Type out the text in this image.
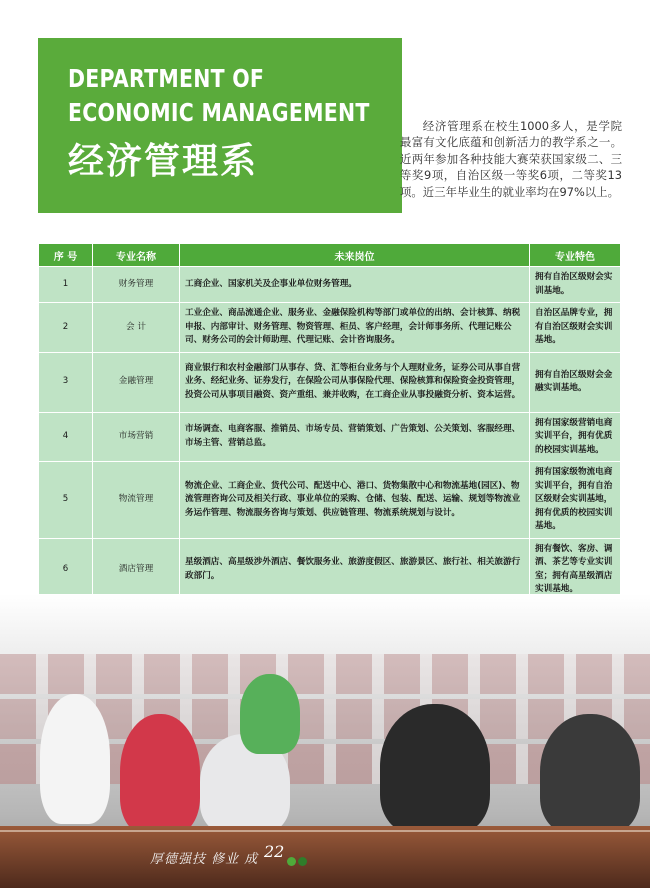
DEPARTMENT OF
ECONOMIC MANAGEMENT
经济管理系

经济管理系在校生1000多人，是学院最富有文化底蕴和创新活力的教学系之一。近两年参加各种技能大赛荣获国家级二、三等奖9项，自治区级一等奖6项，二等奖13项。近三年毕业生的就业率均在97%以上。

序 号	专业名称	未来岗位	专业特色
1	财务管理	工商企业、国家机关及企事业单位财务管理。	拥有自治区级财会实训基地。
2	会 计	工业企业、商品流通企业、服务业、金融保险机构等部门或单位的出纳、会计核算、纳税申报、内部审计、财务管理、物资管理、柜员、客户经理，会计师事务所、代理记账公司、财务公司的会计师助理、代理记账、会计咨询服务。	自治区品牌专业，拥有自治区级财会实训基地。
3	金融管理	商业银行和农村金融部门从事存、贷、汇等柜台业务与个人理财业务，证券公司从事自营业务、经纪业务、证券发行，在保险公司从事保险代理、保险核算和保险资金投资管理，投资公司从事项目融资、资产重组、兼并收购，在工商企业从事投融资分析、资本运营。	拥有自治区级财会金融实训基地。
4	市场营销	市场调查、电商客服、推销员、市场专员、营销策划、广告策划、公关策划、客服经理、市场主管、营销总监。	拥有国家级营销电商实训平台，拥有优质的校园实训基地。
5	物流管理	物流企业、工商企业、货代公司、配送中心、港口、货物集散中心和物流基地(园区)、物流管理咨询公司及相关行政、事业单位的采购、仓储、包装、配送、运输、规划等物流业务运作管理、物流服务咨询与策划、供应链管理、物流系统规划与设计。	拥有国家级物流电商实训平台，拥有自治区级财会实训基地，拥有优质的校园实训基地。
6	酒店管理	星级酒店、高星级涉外酒店、餐饮服务业、旅游度假区、旅游景区、旅行社、相关旅游行政部门。	拥有餐饮、客房、调酒、茶艺等专业实训室；拥有高星级酒店实训基地。

厚德强技 修业 成 22
